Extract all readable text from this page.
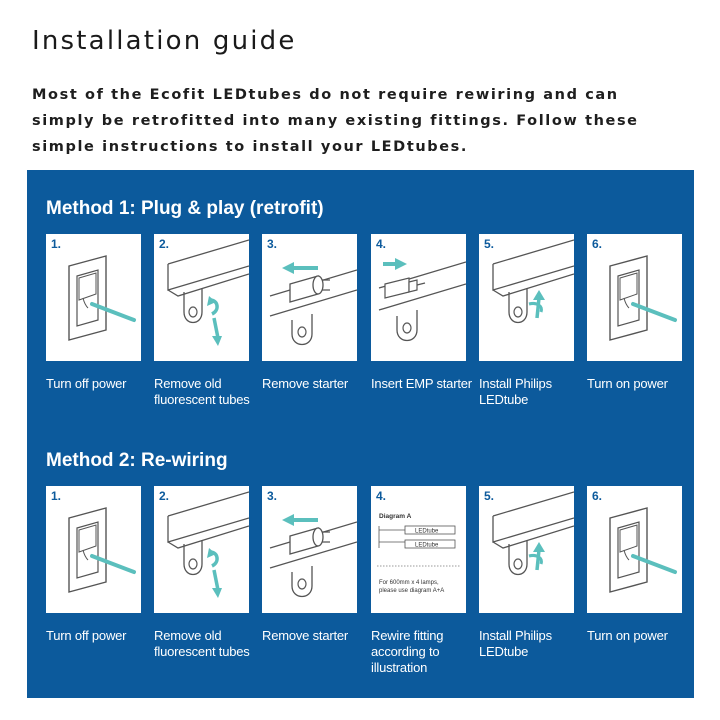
Installation guide

Most of the Ecofit LEDtubes do not require rewiring and can simply be retrofitted into many existing fittings. Follow these simple instructions to install your LEDtubes.

Method 1: Plug & play (retrofit)
Method 2: Re-wiring
1.
Turn off power
2.
Remove old fluorescent tubes
3.
Remove starter
4.
Insert EMP starter
5.
Install Philips LEDtube
6.
Turn on power
1.
Turn off power
2.
Remove old fluorescent tubes
3.
Remove starter
Diagram A
LEDtube
LEDtube
For 600mm x 4 lamps,
please use diagram A+A
4.
Rewire fitting according to illustration
5.
Install Philips LEDtube
6.
Turn on power
